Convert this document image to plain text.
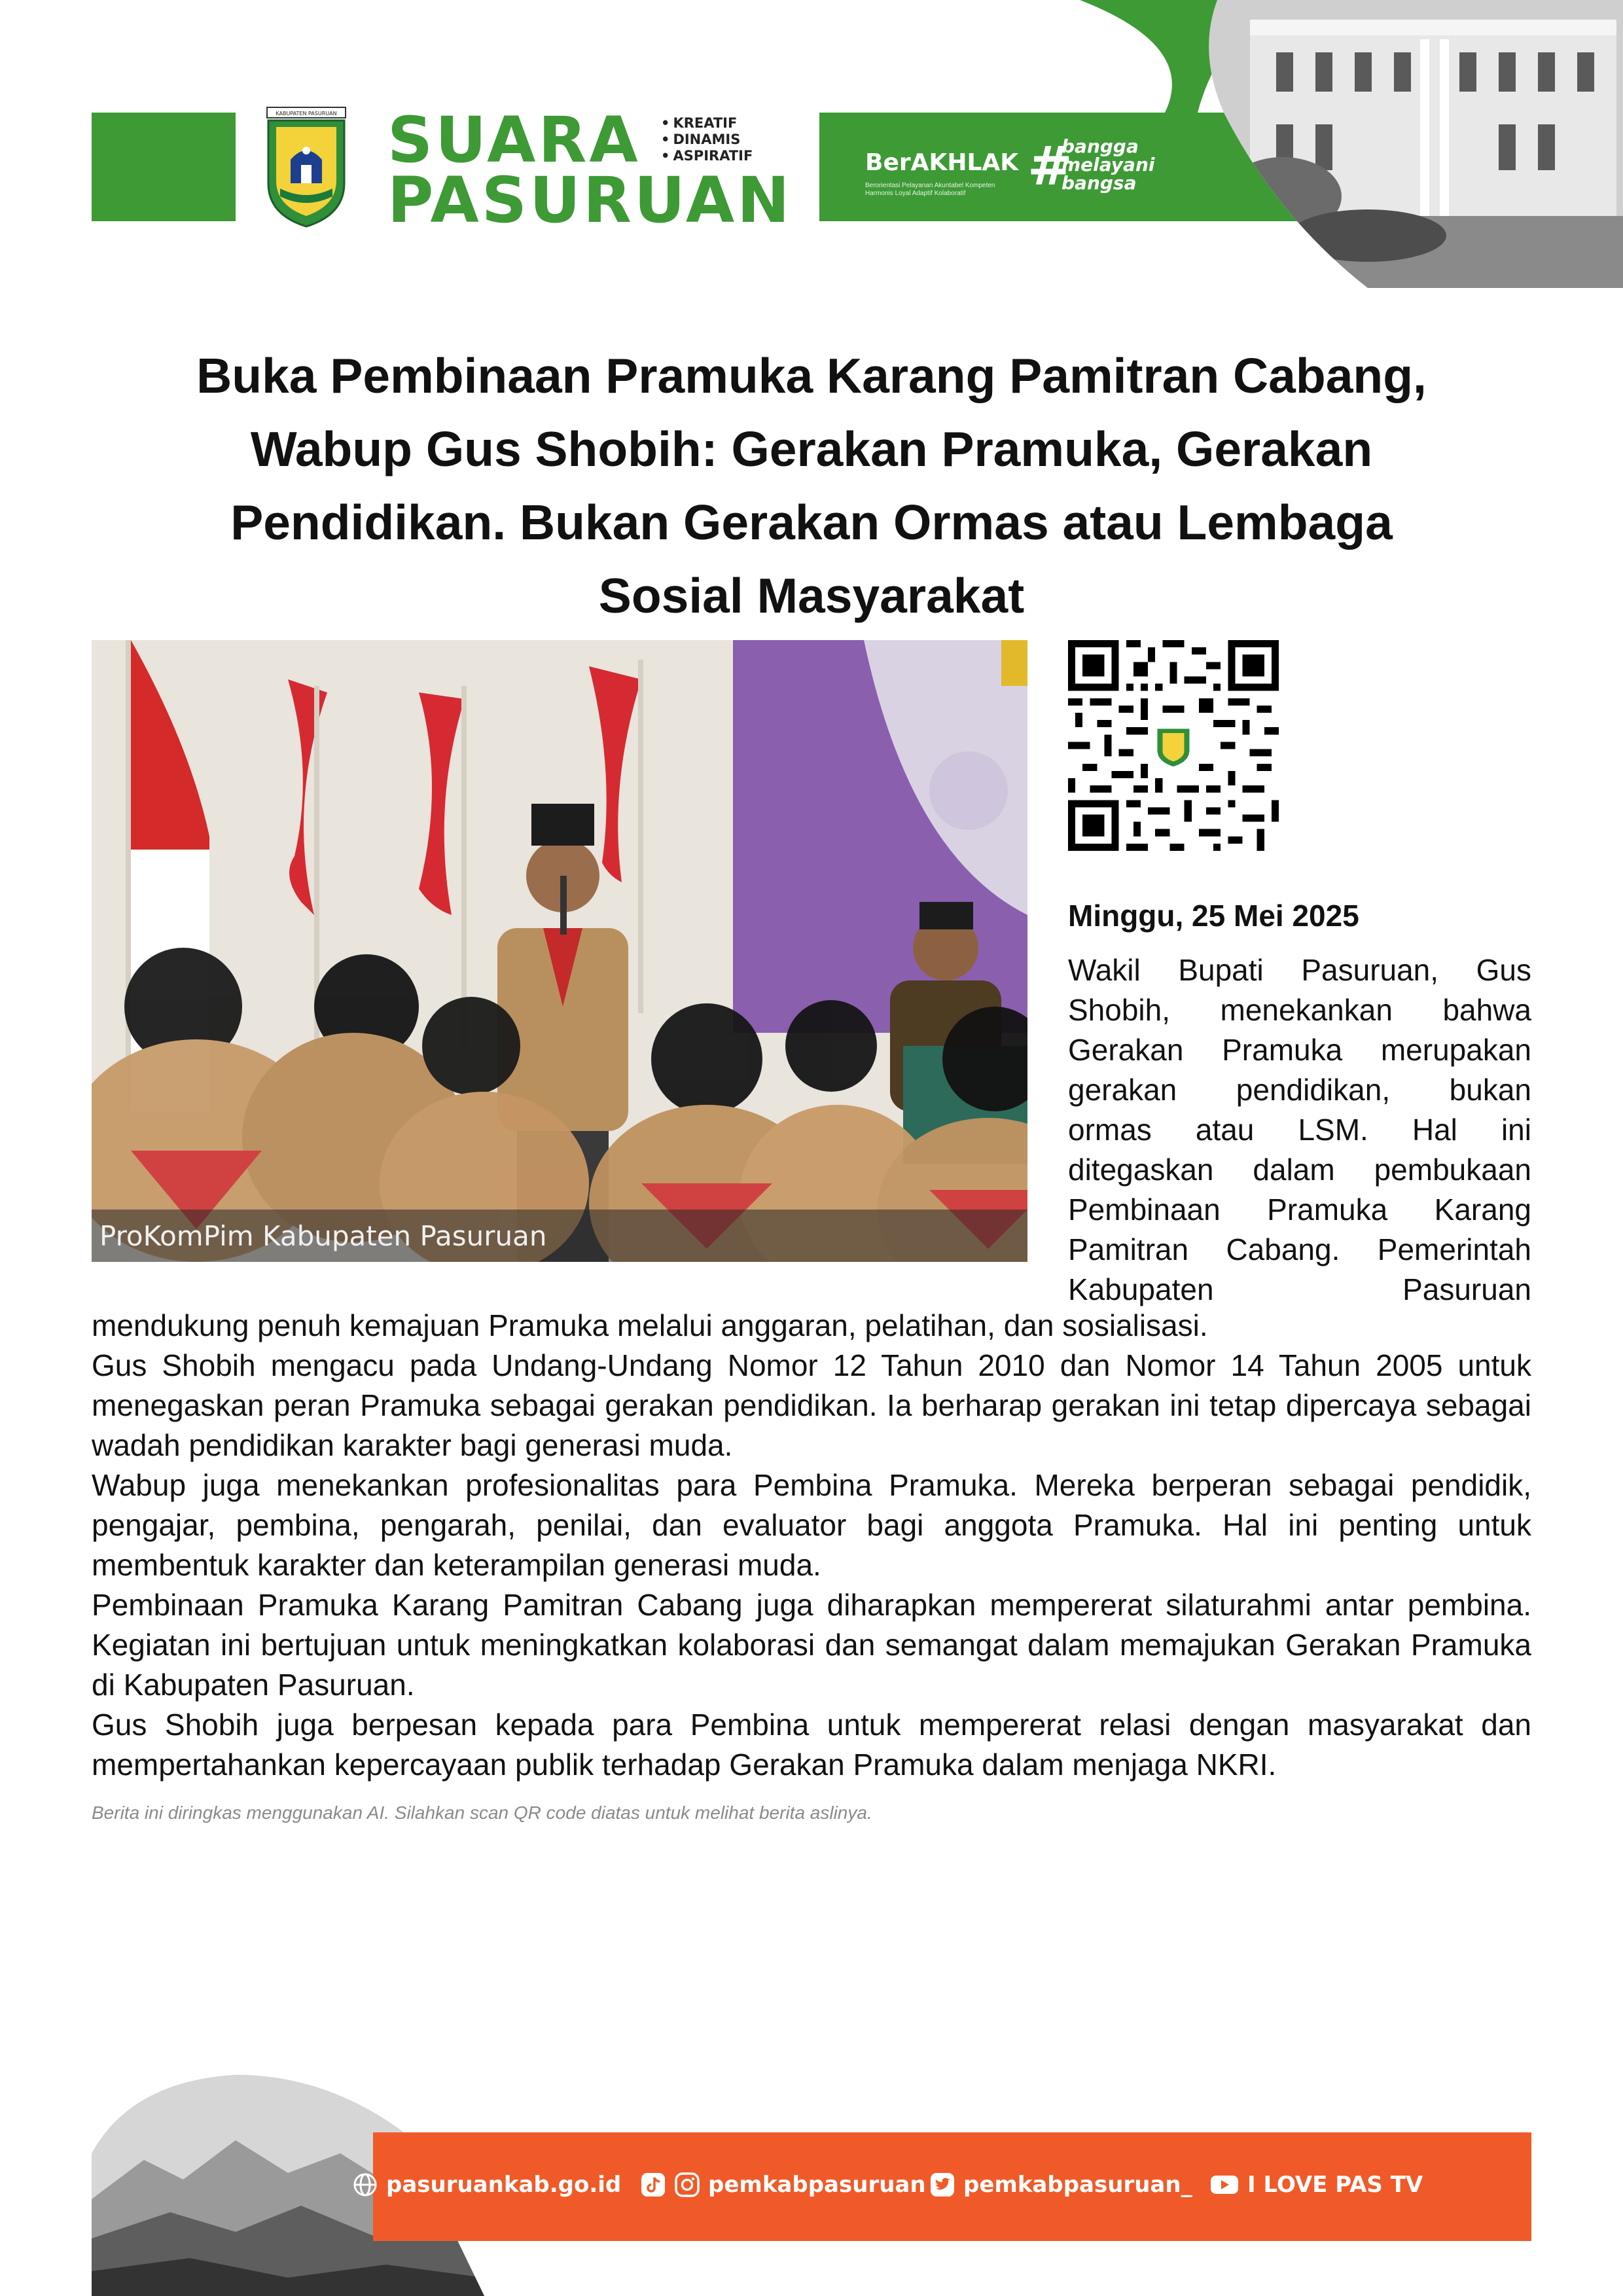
KABUPATEN PASURUAN SUARA
PASURUAN
• KREATIF
• DINAMIS
• ASPIRATIF	BerAKHLAK
Berorientasi Pelayanan Akuntabel Kompeten Harmonis Loyal Adaptif Kolaboratif	#
bangga
melayani
bangsa
Buka Pembinaan Pramuka Karang Pamitran Cabang,
Wabup Gus Shobih: Gerakan Pramuka, Gerakan
Pendidikan. Bukan Gerakan Ormas atau Lembaga
Sosial Masyarakat
ProKomPim Kabupaten Pasuruan
Minggu, 25 Mei 2025
Wakil Bupati Pasuruan, Gus
Shobih, menekankan bahwa
Gerakan Pramuka merupakan
gerakan pendidikan, bukan
ormas atau LSM. Hal ini
ditegaskan dalam pembukaan
Pembinaan Pramuka Karang
Pamitran Cabang. Pemerintah
Kabupaten Pasuruan

mendukung penuh kemajuan Pramuka melalui anggaran, pelatihan, dan sosialisasi.

Gus Shobih mengacu pada Undang-Undang Nomor 12 Tahun 2010 dan Nomor 14 Tahun 2005 untuk menegaskan peran Pramuka sebagai gerakan pendidikan. Ia berharap gerakan ini tetap dipercaya sebagai wadah pendidikan karakter bagi generasi muda.

Wabup juga menekankan profesionalitas para Pembina Pramuka. Mereka berperan sebagai pendidik, pengajar, pembina, pengarah, penilai, dan evaluator bagi anggota Pramuka. Hal ini penting untuk membentuk karakter dan keterampilan generasi muda.

Pembinaan Pramuka Karang Pamitran Cabang juga diharapkan mempererat silaturahmi antar pembina. Kegiatan ini bertujuan untuk meningkatkan kolaborasi dan semangat dalam memajukan Gerakan Pramuka di Kabupaten Pasuruan.

Gus Shobih juga berpesan kepada para Pembina untuk mempererat relasi dengan masyarakat dan mempertahankan kepercayaan publik terhadap Gerakan Pramuka dalam menjaga NKRI.

Berita ini diringkas menggunakan AI. Silahkan scan QR code diatas untuk melihat berita aslinya.
pasuruankab.go.id	pemkabpasuruan pemkabpasuruan_ I LOVE PAS TV
